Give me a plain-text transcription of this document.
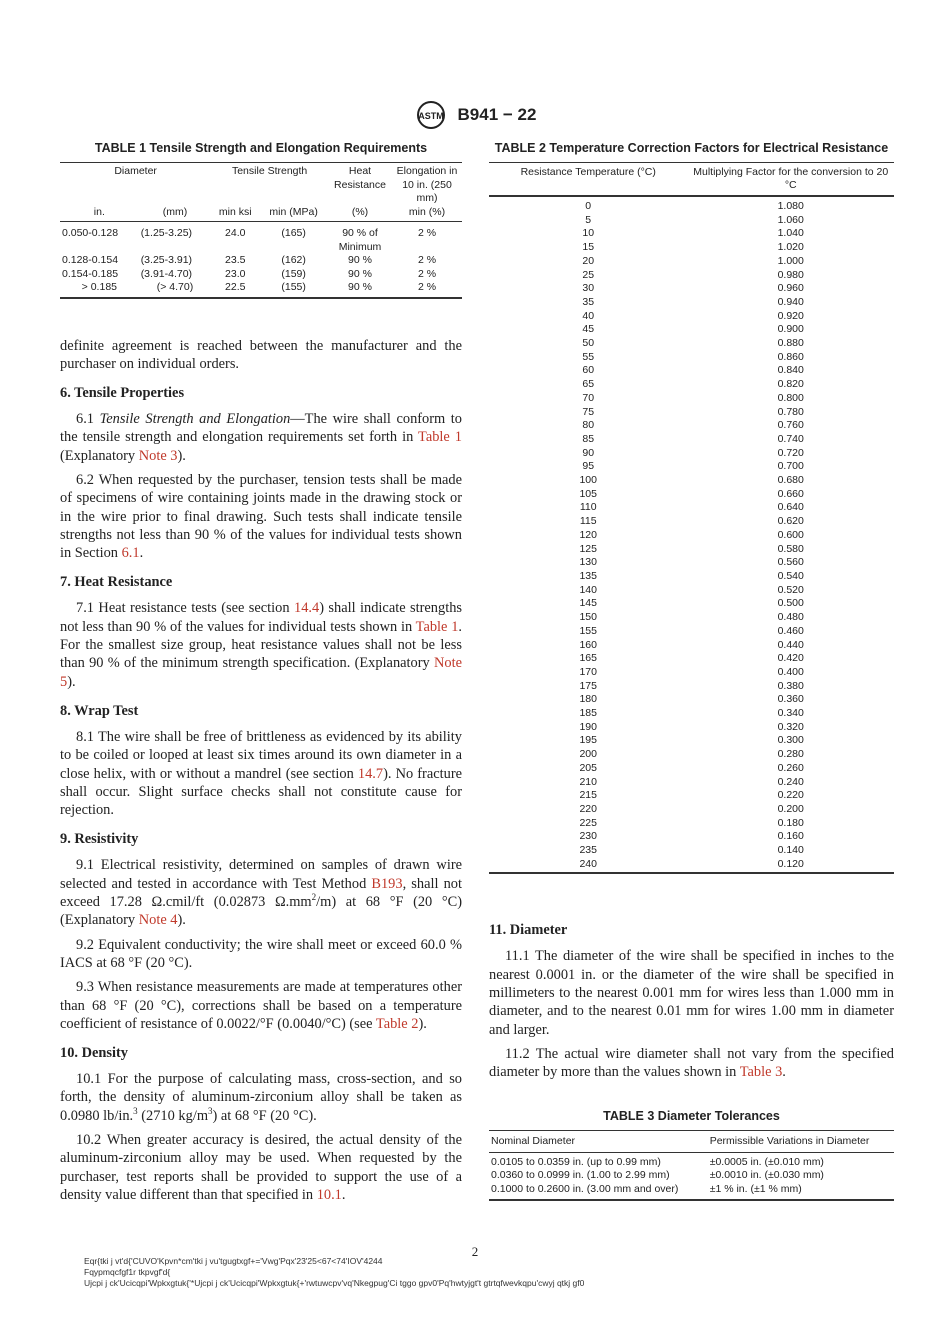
ASTM B941 − 22
TABLE 1 Tensile Strength and Elongation Requirements
Diameter		Tensile Strength		Heat Resistance	Elongation in 10 in. (250 mm)
in.	(mm)	min ksi	min (MPa)	(%)	min (%)
0.050-0.128	(1.25-3.25)	24.0	(165)	90 % of Minimum	2 %
0.128-0.154	(3.25-3.91)	23.5	(162)	90 %	2 %
0.154-0.185	(3.91-4.70)	23.0	(159)	90 %	2 %
> 0.185	(> 4.70)	22.5	(155)	90 %	2 %

definite agreement is reached between the manufacturer and the purchaser on individual orders.

6. Tensile Properties

6.1 Tensile Strength and Elongation—The wire shall conform to the tensile strength and elongation requirements set forth in Table 1 (Explanatory Note 3).

6.2 When requested by the purchaser, tension tests shall be made of specimens of wire containing joints made in the drawing stock or in the wire prior to final drawing. Such tests shall indicate tensile strengths not less than 90 % of the values for individual tests shown in Section 6.1.

7. Heat Resistance

7.1 Heat resistance tests (see section 14.4) shall indicate strengths not less than 90 % of the values for individual tests shown in Table 1. For the smallest size group, heat resistance values shall not be less than 90 % of the minimum strength specification. (Explanatory Note 5).

8. Wrap Test

8.1 The wire shall be free of brittleness as evidenced by its ability to be coiled or looped at least six times around its own diameter in a close helix, with or without a mandrel (see section 14.7). No fracture shall occur. Slight surface checks shall not constitute cause for rejection.

9. Resistivity

9.1 Electrical resistivity, determined on samples of drawn wire selected and tested in accordance with Test Method B193, shall not exceed 17.28 Ω.cmil/ft (0.02873 $\Omega.mm^2/m$) at 68 °F (20 °C) (Explanatory Note 4).

9.2 Equivalent conductivity; the wire shall meet or exceed 60.0 % IACS at 68 °F (20 °C).

9.3 When resistance measurements are made at temperatures other than 68 °F (20 °C), corrections shall be based on a temperature coefficient of resistance of 0.0022/°F (0.0040/°C) (see Table 2).

10. Density

10.1 For the purpose of calculating mass, cross-section, and so forth, the density of aluminum-zirconium alloy shall be taken as 0.0980 lb/in.$^3$ (2710 $kg/m^3$) at 68 °F (20 °C).

10.2 When greater accuracy is desired, the actual density of the aluminum-zirconium alloy may be used. When requested by the purchaser, test reports shall be provided to support the use of a density value different than that specified in 10.1.

TABLE 2 Temperature Correction Factors for Electrical Resistance
Resistance Temperature (°C)	Multiplying Factor for the conversion to 20 °C
0	1.080
5	1.060
10	1.040
15	1.020
20	1.000
25	0.980
30	0.960
35	0.940
40	0.920
45	0.900
50	0.880
55	0.860
60	0.840
65	0.820
70	0.800
75	0.780
80	0.760
85	0.740
90	0.720
95	0.700
100	0.680
105	0.660
110	0.640
115	0.620
120	0.600
125	0.580
130	0.560
135	0.540
140	0.520
145	0.500
150	0.480
155	0.460
160	0.440
165	0.420
170	0.400
175	0.380
180	0.360
185	0.340
190	0.320
195	0.300
200	0.280
205	0.260
210	0.240
215	0.220
220	0.200
225	0.180
230	0.160
235	0.140
240	0.120
11. Diameter

11.1 The diameter of the wire shall be specified in inches to the nearest 0.0001 in. or the diameter of the wire shall be specified in millimeters to the nearest 0.001 mm for wires less than 1.000 mm in diameter, and to the nearest 0.01 mm for wires 1.00 mm in diameter and larger.

11.2 The actual wire diameter shall not vary from the specified diameter by more than the values shown in Table 3.

TABLE 3 Diameter Tolerances
Nominal Diameter	Permissible Variations in Diameter
0.0105 to 0.0359 in. (up to 0.99 mm)	±0.0005 in. (±0.010 mm)
0.0360 to 0.0999 in. (1.00 to 2.99 mm)	±0.0010 in. (±0.030 mm)
0.1000 to 0.2600 in. (3.00 mm and over)	±1 % in. (±1 % mm)
2
Eqr{tki j vt'd{'CUVO'Kpvn*cm'tki j vu'tgugtxgf+='Vwg'Pqx'23'25<67<74'IOV'4244
Fqypmqcfgf1r tkpvgf'd{
Ujcpi j ck'Ucicqpi'Wpkxgtuk{'*Ujcpi j ck'Ucicqpi'Wpkxgtuk{+'rwtuwcpv'vq'Nkegpug'Ci tggo gpv0'Pq'hwtyjgt't gtrtqfwevkqpu'cwyj qtkj gf0
